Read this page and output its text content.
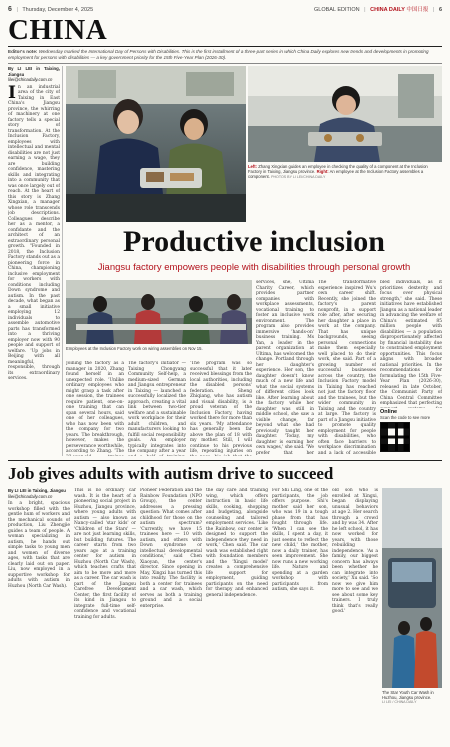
6 | Thursday, December 4, 2025	GLOBAL EDITION | CHINA DAILY 中国日报 | 6
CHINA
Editor's note: Wednesday marked the International Day of Persons with Disabilities. This is the first installment of a three-part series in which China Daily explores new trends and developments in promoting employment for persons with disabilities — a key government priority for the 15th Five-Year Plan (2026-30).
By LI LEI in Taixing, Jiangsu
lilei@chinadaily.com.cn
I n an industrial area of the city of Taixing in East China's Jiangsu province, the whirring of machinery at one factory tells a special story of transformation. At the Inclusion Factory, employees with intellectual and mental disabilities are not just earning a wage, they are building confidence, mastering skills and integrating into a community that was once largely out of reach. At the heart of this story is Zhang Xingxian, a manager whose role transcends job descriptions. Colleagues describe her as a mentor, a confidante and the architect of an extraordinary personal growth. "Founded in 2018, the Inclusion Factory stands out as a pioneering force in China, championing inclusive employment for workers with conditions including Down syndrome and autism. In the past decade, what began as a small initiative employing 12 individuals to assemble automotive parts has transformed into a thriving employer now with 90 people and support of welfare. 'Up jobs in Beijing with all meaningful, responsible, through its extraordinary services.
Left: Zhang Xingxian guides an employee in checking the quality of a component at the Inclusion Factory in Taixing, Jiangsu province. Right: An employee at the Inclusion Factory assembles a component. PHOTOS BY LI LEI/CHINA DAILY
Productive inclusion
Jiangsu factory empowers people with disabilities through personal growth
Employees at the Inclusion Factory work on wiring assemblies on Nov 15.
Joining the factory as a manager in 2020, Zhang found herself in an unexpected role. 'Unlike ordinary employees who might grasp a task after one session, the trainees require patient, one-on-one training that can span several hours, said one of her colleagues, who has now been with the company for two years. The breakthrough, however, makes the perseverance worthwhile, according to Zhang. 'The
The factory's initiator — Taixing Chongyang Community Self-help, a medium-sized German and Jiangsu entrepreneur in Taixing — launched a successfully localized the approach, creating a vital link between two-tier welfare and a sustainable work workplace for their adult children, and manufacturers looking to fulfill social responsibility goals. An employer typically integrates into the company after a year
'The program was so successful that it later received blessings from the local authorities, including the disabled persons' federation. Sheng Zhiqiang, who has autism and visual disability, is a proud veteran of the Inclusion Factory, having worked there for more than six years. 'My attendance has generally been far above the plan of 18 with my mother. Still, I will continue to his previous life, repeating injuries on
services, she, Ultima Charity Career, which provides partner companies with workplace assessments, vocational training to foster an inclusive work environment. The program also provides immersive 'hands-on' business training. Ms Yan, a leader in the parent organization at Ultima, has welcomed the change. Portland through her daughter's experience. Her son, the daughter doesn't know much of a new life and what the social systems of different cities look like. After learning about the factory while her daughter was still in middle school, she saw a visible change, far beyond what she had previously taught her daughter. 'Today, my daughter is earning her own wages,' she said. 'We prefer that her
The transformative experience inspired Wu's own career shift. Recently, she joined the factory's parent nonprofit, in a support role after, after securing her daughter a place in work at the company. That has unique backgrounds, seeing personal connections make them especially well placed to do their work, she said. Part of a growing number of successful businesses across the country, the Inclusion Factory model in Taixing has reached not just the factory floor and the trainees, but the wider community in Taixing and the country at large. The factory is part of a Jiangsu initiative to promote quality employment for people with disabilities, who often face barriers to workplace discrimination and a lack of accessible
bled individuals, as it prioritizes dexterity and focus over physical strength,' she said. These initiatives have established Jiangsu as a national leader in advancing the welfare of China's estimated 85 million people with disabilities — a population disproportionately affected by financial instability due to constrained employment opportunities. This focus aligns with broader national priorities. In the recommendations for formulating the 15th Five-Year Plan (2026-30), released in late October, the Communist Party of China Central Committee emphasized that perfecting
Online
Scan the code to see more
Job gives adults with autism drive to succeed
By LI LEI in Taixing, Jiangsu
lilei@chinadaily.com.cn
In a bright, spacious workshop filled with the gentle hum of workers and the mechanical sounds of production, Liu Zhengjie guides a team of people. A woman specializing in autism, he hands out simple tasks to young men and women of diverse ages, with tasks that are clearly laid out on paper. Liu, now employed in a supportive workshop for adults with autism in Huzhou (North Car Wash).
This is no ordinary car wash. It is the heart of a pioneering social project in Huzhou, Jiangsu province, where young adults with autism — also known as Nancy-called 'star kids' or 'Children of the Stars' — are not just learning skills, but building futures. The career starts from two years ago at a training center for autism in Huzhou (North Car Wash), which teaches crafts that aim to be more and more as a career. The car wash is part of the Jiangsu Carefree Development Center, the first facility of its kind in Jiangsu to integrate full-time self-confidence and vocational training for adults.
Pioneer Federation and the Rainbow Foundation (NPO Group), the center addresses a pressing question: What comes after childhood for those on the autism spectrum? 'Currently, we have 15 trainees here — 10 with autism, and others with Down syndrome or intellectual developmental conditions,' said Chen Xiaoyan, the center's director. Since opening in May, Xingxi has turned this into reality. The facility is both a center for trainees and a car wash, which serves as both a training ground and a social enterprise.
the day care and training wing, which offers instruction in basic life skills, cooking, shopping and budgeting, alongside counseling and tailored employment services. 'Like the Rainbow, our center is designed to support the independence they need in work,' Chen said. The car wash was established right with foundation members and the 'Xingxi model' creates a comprehensive life support for employment, guiding participants on the need for therapy and enhanced general independence.
For Shi Ling, one of the participants, the job offers purpose. Shi's mother said her son, who was 19 in a tough phase from that has fought through life. 'When I can see the skills, I spent a day, it just seems to reflect the new child,' the mother, now a daily trainer, has seen improvement. She now runs a new working life. Nature and spending at a garden workshop with participants from autism, she says it.
old son who is enrolled at Xingxi, began displaying unusual behaviors at age 2. Her search through a crowd and by was 34. After he left school, it has now worked for years, with those rebuilding independence. 'As a family, our biggest concern has always been whether he can integrate into society,' Xu said. 'So now we give him more to see and we see about some key trainers. I truly think that's really good.'
The Star Youth Car Wash in Huzhou, Jiangsu province.
LI LEI / CHINA DAILY
